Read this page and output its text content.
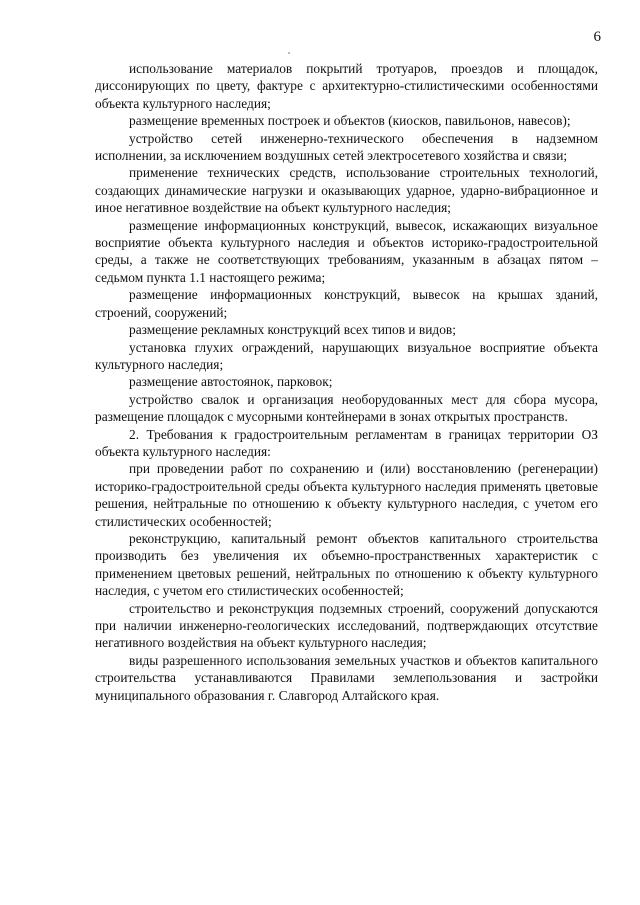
6

использование материалов покрытий тротуаров, проездов и площадок, диссонирующих по цвету, фактуре с архитектурно-стилистическими особенностями объекта культурного наследия;

размещение временных построек и объектов (киосков, павильонов, навесов);

устройство сетей инженерно-технического обеспечения в надземном исполнении, за исключением воздушных сетей электросетевого хозяйства и связи;

применение технических средств, использование строительных технологий, создающих динамические нагрузки и оказывающих ударное, ударно-вибрационное и иное негативное воздействие на объект культурного наследия;

размещение информационных конструкций, вывесок, искажающих визуальное восприятие объекта культурного наследия и объектов историко-градостроительной среды, а также не соответствующих требованиям, указанным в абзацах пятом – седьмом пункта 1.1 настоящего режима;

размещение информационных конструкций, вывесок на крышах зданий, строений, сооружений;

размещение рекламных конструкций всех типов и видов;

установка глухих ограждений, нарушающих визуальное восприятие объекта культурного наследия;

размещение автостоянок, парковок;

устройство свалок и организация необорудованных мест для сбора мусора, размещение площадок с мусорными контейнерами в зонах открытых пространств.

2. Требования к градостроительным регламентам в границах территории ОЗ объекта культурного наследия:

при проведении работ по сохранению и (или) восстановлению (регенерации) историко-градостроительной среды объекта культурного наследия применять цветовые решения, нейтральные по отношению к объекту культурного наследия, с учетом его стилистических особенностей;

реконструкцию, капитальный ремонт объектов капитального строительства производить без увеличения их объемно-пространственных характеристик с применением цветовых решений, нейтральных по отношению к объекту культурного наследия, с учетом его стилистических особенностей;

строительство и реконструкция подземных строений, сооружений допускаются при наличии инженерно-геологических исследований, подтверждающих отсутствие негативного воздействия на объект культурного наследия;

виды разрешенного использования земельных участков и объектов капитального строительства устанавливаются Правилами землепользования и застройки муниципального образования г. Славгород Алтайского края.
